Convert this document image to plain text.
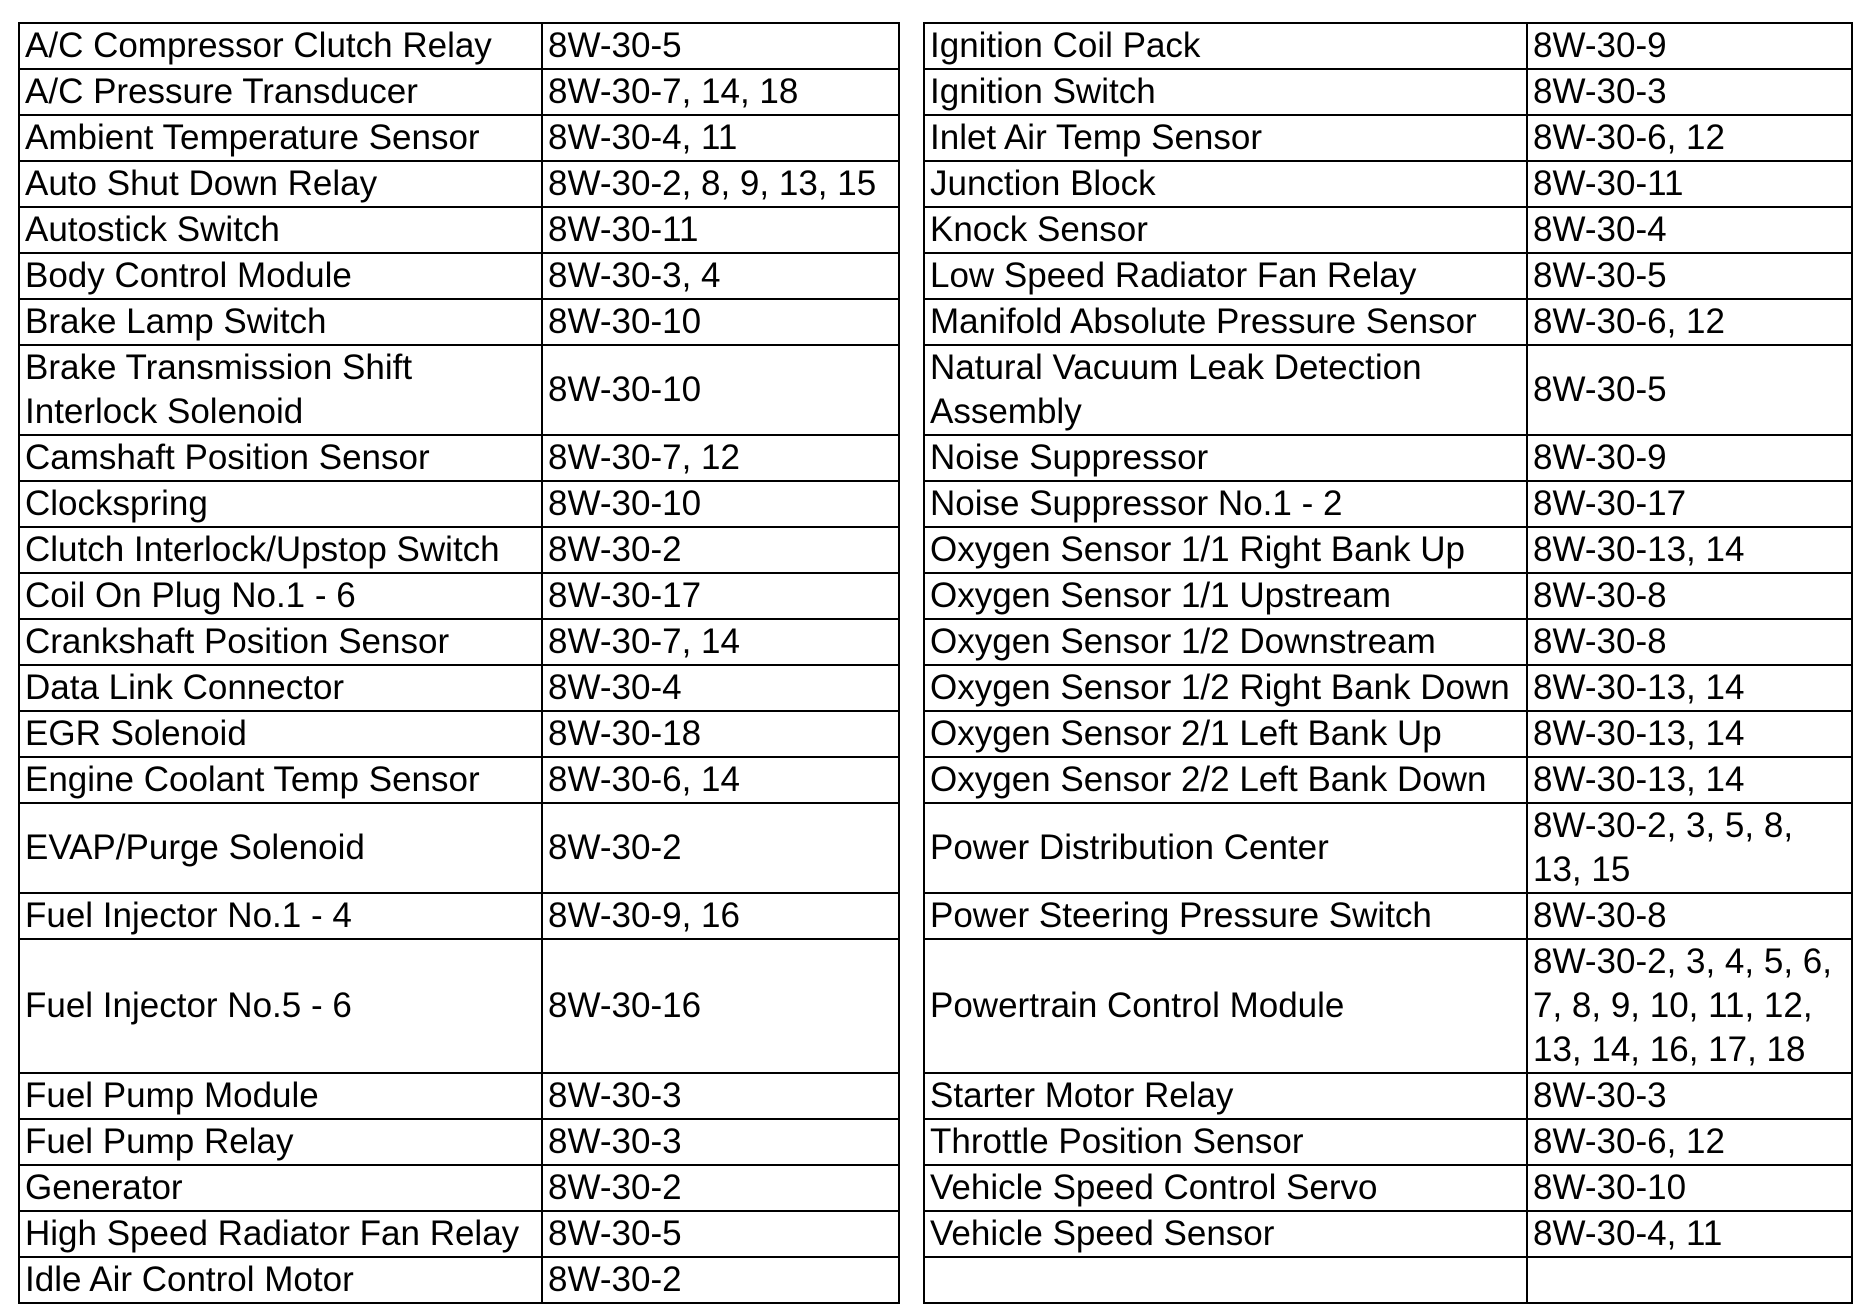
A/C Compressor Clutch Relay	8W-30-5		Ignition Coil Pack	8W-30-9
A/C Pressure Transducer	8W-30-7, 14, 18		Ignition Switch	8W-30-3
Ambient Temperature Sensor	8W-30-4, 11		Inlet Air Temp Sensor	8W-30-6, 12
Auto Shut Down Relay	8W-30-2, 8, 9, 13, 15		Junction Block	8W-30-11
Autostick Switch	8W-30-11		Knock Sensor	8W-30-4
Body Control Module	8W-30-3, 4		Low Speed Radiator Fan Relay	8W-30-5
Brake Lamp Switch	8W-30-10		Manifold Absolute Pressure Sensor	8W-30-6, 12
Brake Transmission Shift Interlock Solenoid	8W-30-10		Natural Vacuum Leak Detection Assembly	8W-30-5
Camshaft Position Sensor	8W-30-7, 12		Noise Suppressor	8W-30-9
Clockspring	8W-30-10		Noise Suppressor No.1 - 2	8W-30-17
Clutch Interlock/Upstop Switch	8W-30-2		Oxygen Sensor 1/1 Right Bank Up	8W-30-13, 14
Coil On Plug No.1 - 6	8W-30-17		Oxygen Sensor 1/1 Upstream	8W-30-8
Crankshaft Position Sensor	8W-30-7, 14		Oxygen Sensor 1/2 Downstream	8W-30-8
Data Link Connector	8W-30-4		Oxygen Sensor 1/2 Right Bank Down	8W-30-13, 14
EGR Solenoid	8W-30-18		Oxygen Sensor 2/1 Left Bank Up	8W-30-13, 14
Engine Coolant Temp Sensor	8W-30-6, 14		Oxygen Sensor 2/2 Left Bank Down	8W-30-13, 14
EVAP/Purge Solenoid	8W-30-2		Power Distribution Center	8W-30-2, 3, 5, 8, 13, 15
Fuel Injector No.1 - 4	8W-30-9, 16		Power Steering Pressure Switch	8W-30-8
Fuel Injector No.5 - 6	8W-30-16		Powertrain Control Module	8W-30-2, 3, 4, 5, 6, 7, 8, 9, 10, 11, 12, 13, 14, 16, 17, 18
Fuel Pump Module	8W-30-3		Starter Motor Relay	8W-30-3
Fuel Pump Relay	8W-30-3		Throttle Position Sensor	8W-30-6, 12
Generator	8W-30-2		Vehicle Speed Control Servo	8W-30-10
High Speed Radiator Fan Relay	8W-30-5		Vehicle Speed Sensor	8W-30-4, 11
Idle Air Control Motor	8W-30-2			
